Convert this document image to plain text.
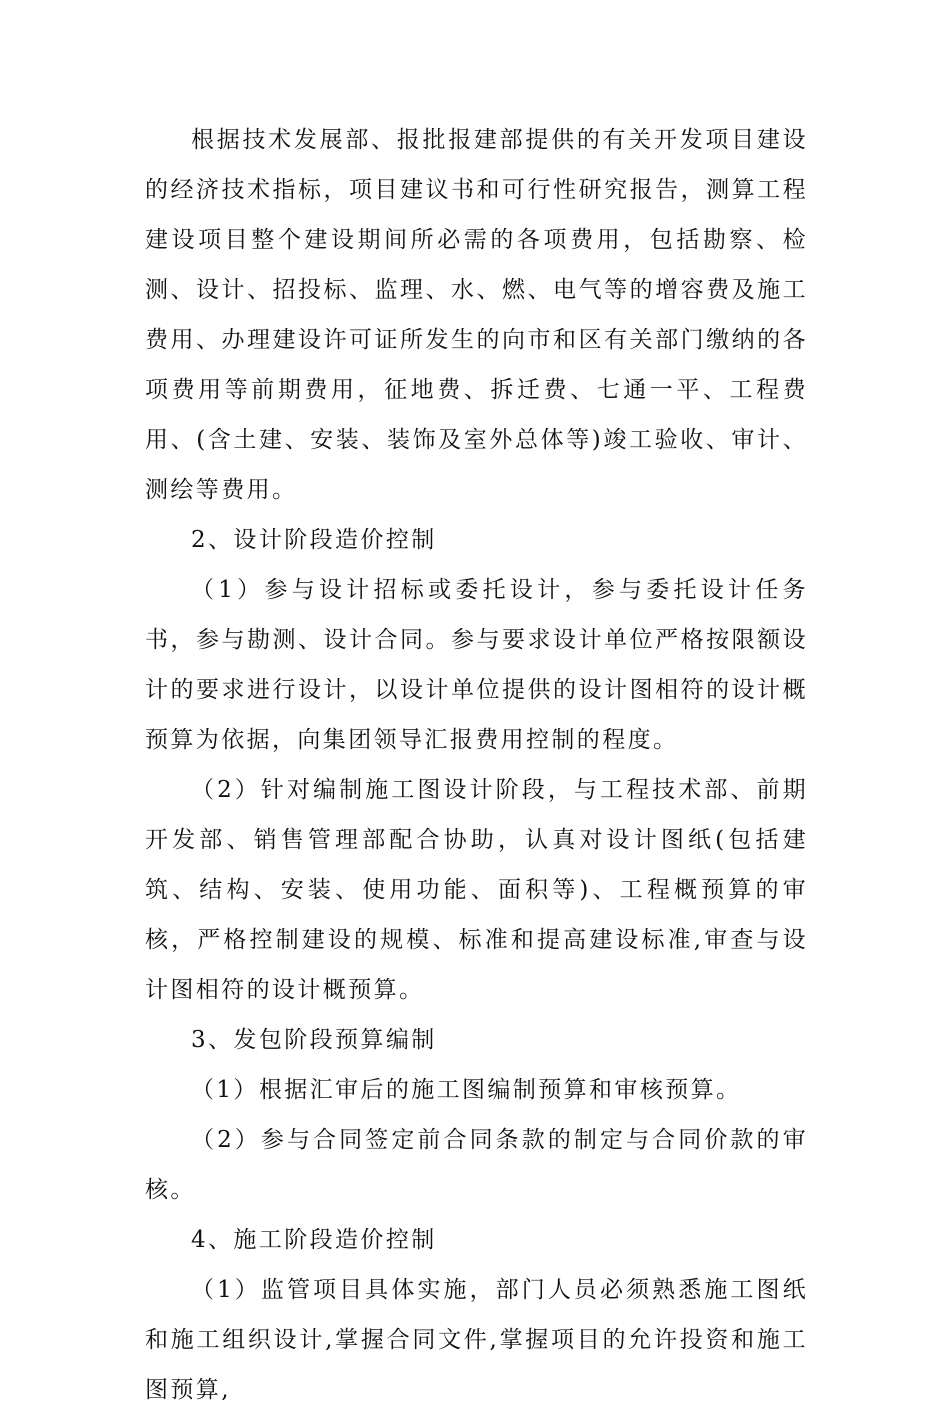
根据技术发展部、报批报建部提供的有关开发项目建设的经济技术指标，项目建议书和可行性研究报告，测算工程建设项目整个建设期间所必需的各项费用，包括勘察、检测、设计、招投标、监理、水、燃、电气等的增容费及施工费用、办理建设许可证所发生的向市和区有关部门缴纳的各项费用等前期费用，征地费、拆迁费、七通一平、工程费用、(含土建、安装、装饰及室外总体等)竣工验收、审计、测绘等费用。

2、设计阶段造价控制

（1）参与设计招标或委托设计，参与委托设计任务书，参与勘测、设计合同。参与要求设计单位严格按限额设计的要求进行设计，以设计单位提供的设计图相符的设计概预算为依据，向集团领导汇报费用控制的程度。

（2）针对编制施工图设计阶段，与工程技术部、前期开发部、销售管理部配合协助，认真对设计图纸(包括建筑、结构、安装、使用功能、面积等)、工程概预算的审核，严格控制建设的规模、标准和提高建设标准,审查与设计图相符的设计概预算。

3、发包阶段预算编制

（1）根据汇审后的施工图编制预算和审核预算。

（2）参与合同签定前合同条款的制定与合同价款的审核。

4、施工阶段造价控制

（1）监管项目具体实施，部门人员必须熟悉施工图纸和施工组织设计,掌握合同文件,掌握项目的允许投资和施工图预算,
